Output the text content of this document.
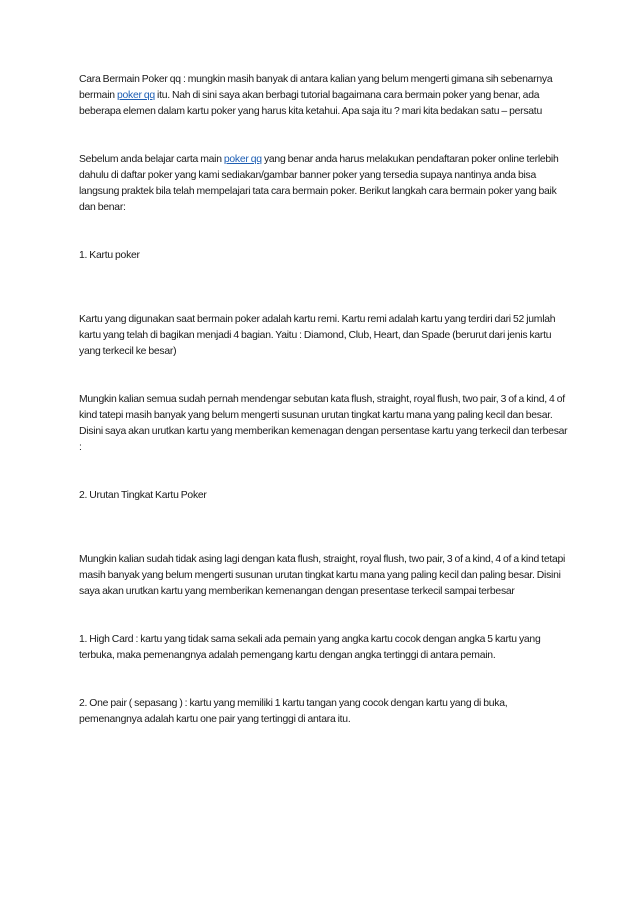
Cara Bermain Poker qq : mungkin masih banyak di antara kalian yang belum mengerti gimana sih sebenarnya bermain poker qq itu. Nah di sini saya akan berbagi tutorial bagaimana cara bermain poker yang benar, ada beberapa elemen dalam kartu poker yang harus kita ketahui. Apa saja itu ? mari kita bedakan satu – persatu

Sebelum anda belajar carta main poker qq yang benar anda harus melakukan pendaftaran poker online terlebih dahulu di daftar poker yang kami sediakan/gambar banner poker yang tersedia supaya nantinya anda bisa langsung praktek bila telah mempelajari tata cara bermain poker. Berikut langkah cara bermain poker yang baik dan benar:

1. Kartu poker

Kartu yang digunakan saat bermain poker adalah kartu remi. Kartu remi adalah kartu yang terdiri dari 52 jumlah kartu yang telah di bagikan menjadi 4 bagian. Yaitu : Diamond, Club, Heart, dan Spade (berurut dari jenis kartu yang terkecil ke besar)

Mungkin kalian semua sudah pernah mendengar sebutan kata flush, straight, royal flush, two pair, 3 of a kind, 4 of kind tatepi masih banyak yang belum mengerti susunan urutan tingkat kartu mana yang paling kecil dan besar. Disini saya akan urutkan kartu yang memberikan kemenagan dengan persentase kartu yang terkecil dan terbesar :

2. Urutan Tingkat Kartu Poker

Mungkin kalian sudah tidak asing lagi dengan kata flush, straight, royal flush, two pair, 3 of a kind, 4 of a kind tetapi masih banyak yang belum mengerti susunan urutan tingkat kartu mana yang paling kecil dan paling besar. Disini saya akan urutkan kartu yang memberikan kemenangan dengan presentase terkecil sampai terbesar

1. High Card : kartu yang tidak sama sekali ada pemain yang angka kartu cocok dengan angka 5 kartu yang terbuka, maka pemenangnya adalah pemengang kartu dengan angka tertinggi di antara pemain.

2. One pair ( sepasang ) : kartu yang memiliki 1 kartu tangan yang cocok dengan kartu yang di buka, pemenangnya adalah kartu one pair yang tertinggi di antara itu.
